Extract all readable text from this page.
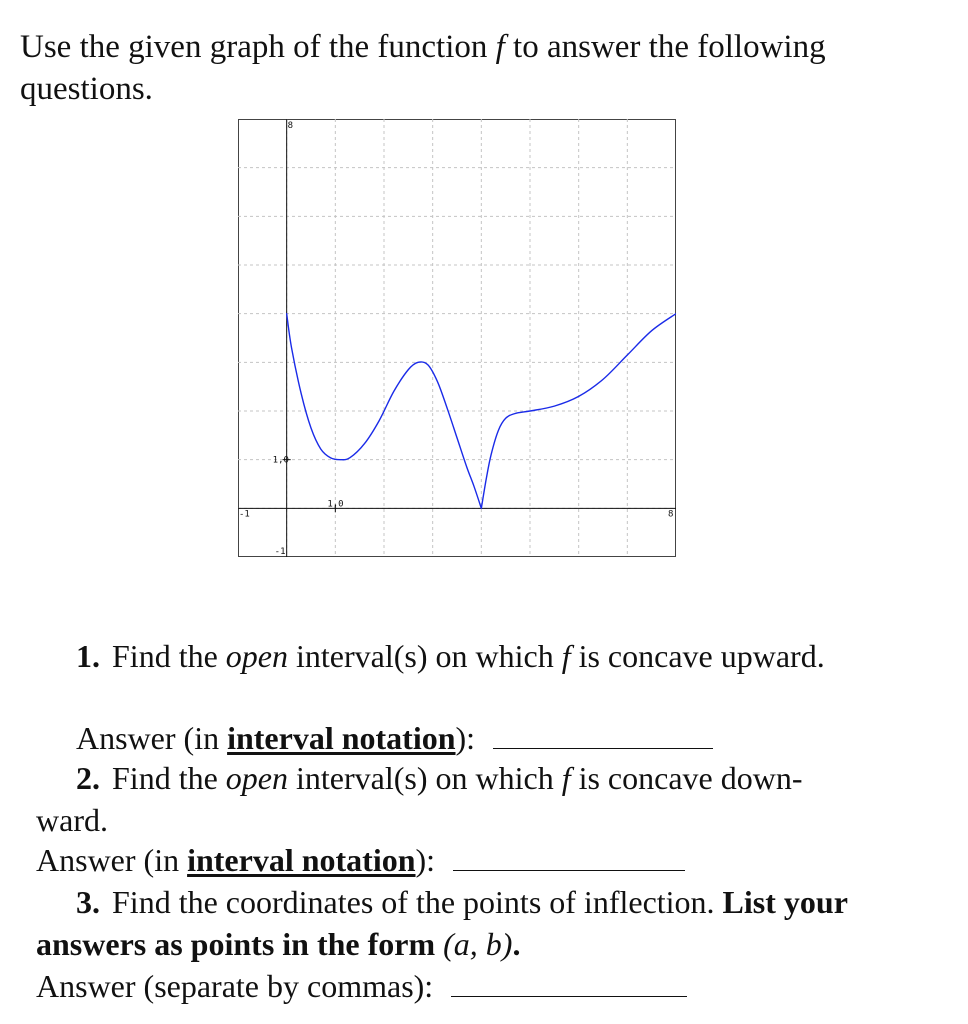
Use the given graph of the function f to answer the following questions.

-1	8
-1
8
1,0
1,0

1. Find the open interval(s) on which f is concave upward.

Answer (in interval notation):

2. Find the open interval(s) on which f is concave down-

ward.

Answer (in interval notation):

3. Find the coordinates of the points of inflection. List your

answers as points in the form (a, b).

Answer (separate by commas):
